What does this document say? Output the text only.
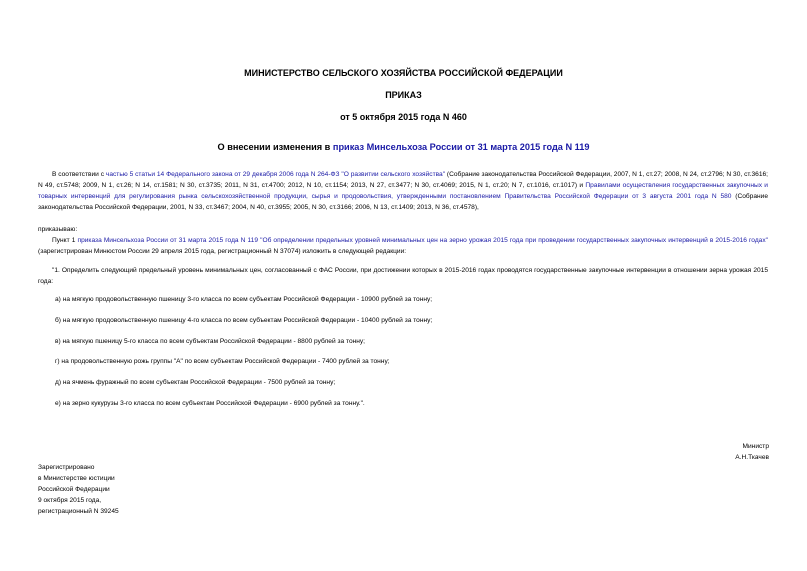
МИНИСТЕРСТВО СЕЛЬСКОГО ХОЗЯЙСТВА РОССИЙСКОЙ ФЕДЕРАЦИИ
ПРИКАЗ
от 5 октября 2015 года N 460
О внесении изменения в приказ Минсельхоза России от 31 марта 2015 года N 119
В соответствии с частью 5 статьи 14 Федерального закона от 29 декабря 2006 года N 264-ФЗ "О развитии сельского хозяйства" (Собрание законодательства Российской Федерации, 2007, N 1, ст.27; 2008, N 24, ст.2796; N 30, ст.3616; N 49, ст.5748; 2009, N 1, ст.26; N 14, ст.1581; N 30, ст.3735; 2011, N 31, ст.4700; 2012, N 10, ст.1154; 2013, N 27, ст.3477; N 30, ст.4069; 2015, N 1, ст.20; N 7, ст.1016, ст.1017) и Правилами осуществления государственных закупочных и товарных интервенций для регулирования рынка сельскохозяйственной продукции, сырья и продовольствия, утвержденными постановлением Правительства Российской Федерации от 3 августа 2001 года N 580 (Собрание законодательства Российской Федерации, 2001, N 33, ст.3467; 2004, N 40, ст.3955; 2005, N 30, ст.3166; 2006, N 13, ст.1409; 2013, N 36, ст.4578),
приказываю:
Пункт 1 приказа Минсельхоза России от 31 марта 2015 года N 119 "Об определении предельных уровней минимальных цен на зерно урожая 2015 года при проведении государственных закупочных интервенций в 2015-2016 годах" (зарегистрирован Минюстом России 29 апреля 2015 года, регистрационный N 37074) изложить в следующей редакции:
"1. Определить следующий предельный уровень минимальных цен, согласованный с ФАС России, при достижении которых в 2015-2016 годах проводятся государственные закупочные интервенции в отношении зерна урожая 2015 года:
а) на мягкую продовольственную пшеницу 3-го класса по всем субъектам Российской Федерации - 10900 рублей за тонну;
б) на мягкую продовольственную пшеницу 4-го класса по всем субъектам Российской Федерации - 10400 рублей за тонну;
в) на мягкую пшеницу 5-го класса по всем субъектам Российской Федерации - 8800 рублей за тонну;
г) на продовольственную рожь группы "А" по всем субъектам Российской Федерации - 7400 рублей за тонну;
д) на ячмень фуражный по всем субъектам Российской Федерации - 7500 рублей за тонну;
е) на зерно кукурузы 3-го класса по всем субъектам Российской Федерации - 6900 рублей за тонну.".
Министр
А.Н.Ткачев
Зарегистрировано
в Министерстве юстиции
Российской Федерации
9 октября 2015 года,
регистрационный N 39245
